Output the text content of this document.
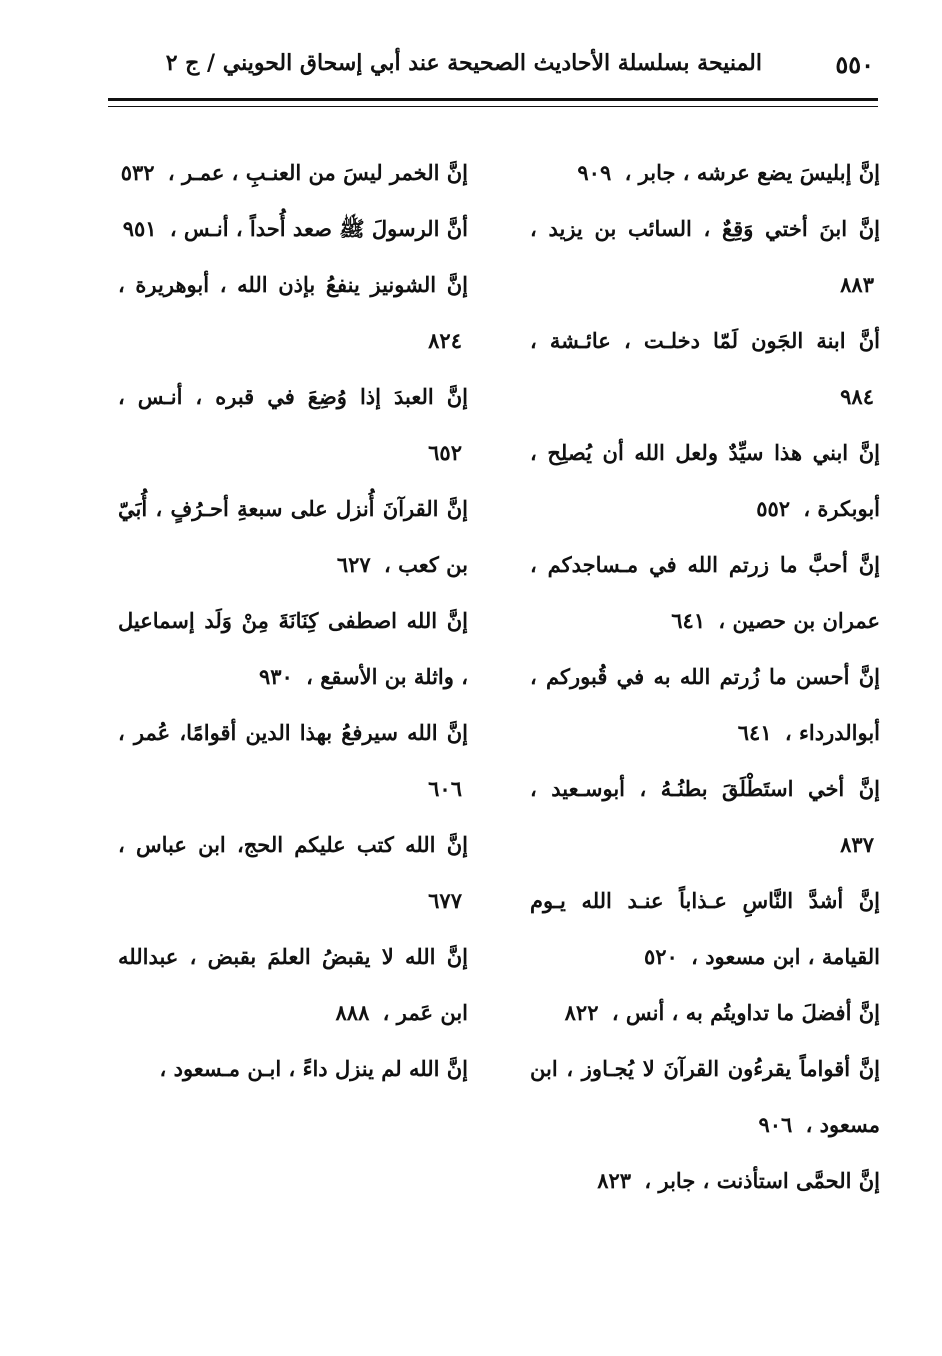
٥٥٠
المنيحة بسلسلة الأحاديث الصحيحة عند أبي إسحاق الحويني / ج ٢
إنَّ إبليسَ يضع عرشه ، جابر ، ٩٠٩
إنَّ ابنَ أختي وَقِعٌ ، السائب بن يزيد ، ٨٨٣
أنَّ ابنة الجَون لَمّا دخلـت ، عائـشة ، ٩٨٤
إنَّ ابني هذا سيِّدٌ ولعل الله أن يُصلِح ، أبوبكرة ، ٥٥٢
إنَّ أحبَّ ما زرتم الله في مـساجدكم ، عمران بن حصين ، ٦٤١
إنَّ أحسن ما زُرتم الله به في قُبوركم ، أبوالدرداء ، ٦٤١
إنَّ أخي استَطْلَقَ بطنُـهُ ، أبوسـعيد ، ٨٣٧
إنَّ أشدَّ النَّاسِ عـذاباً عنـد الله يـوم القيامة ، ابن مسعود ، ٥٢٠
إنَّ أفضلَ ما تداويتُم به ، أنس ، ٨٢٢
إنَّ أقواماً يقرءُون القرآنَ لا يُجـاوز ، ابن مسعود ، ٩٠٦
إنَّ الحمَّى استأذنت ، جابر ، ٨٢٣
إنَّ الخمر ليسَ من العنـبِ ، عمـر ، ٥٣٢
أنَّ الرسولَ ﷺ صعد أُحداً ، أنـس ، ٩٥١
إنَّ الشونيز ينفعُ بإذن الله ، أبوهريرة ، ٨٢٤
إنَّ العبدَ إذا وُضِعَ في قبره ، أنـس ، ٦٥٢
إنَّ القرآنَ أُنزل على سبعةِ أحـرُفٍ ، أُبَيّ بن كعب ، ٦٢٧
إنَّ الله اصطفى كِنَانَةَ مِنْ وَلَد إسماعيل ، واثلة بن الأسقع ، ٩٣٠
إنَّ الله سيرفعُ بهذا الدين أقوامًا، عُمر ، ٦٠٦
إنَّ الله كتب عليكم الحج، ابن عباس ، ٦٧٧
إنَّ الله لا يقبضُ العلمَ بقبض ، عبدالله ابن عَمر ، ٨٨٨
إنَّ الله لم ينزل داءً ، ابـن مـسعود ،
